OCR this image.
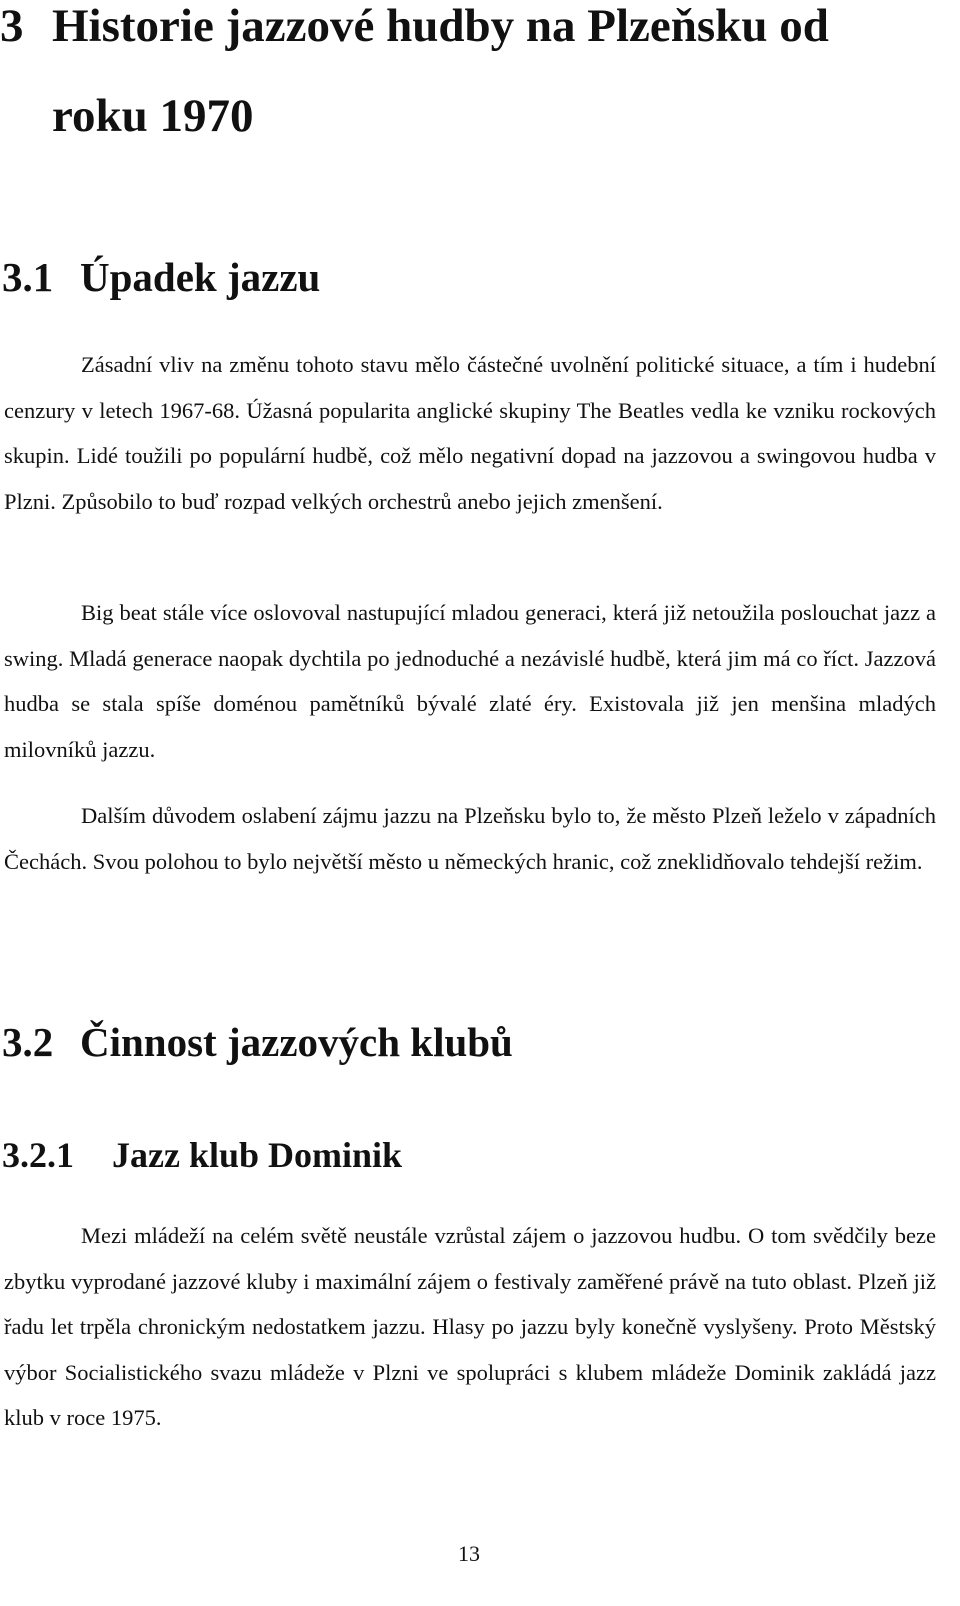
3 Historie jazzové hudby na Plzeňsku od
roku 1970
3.1 Úpadek jazzu

Zásadní vliv na změnu tohoto stavu mělo částečné uvolnění politické situace, a tím i hudební cenzury v letech 1967-68. Úžasná popularita anglické skupiny The Beatles vedla ke vzniku rockových skupin. Lidé toužili po populární hudbě, což mělo negativní dopad na jazzovou a swingovou hudba v Plzni. Způsobilo to buď rozpad velkých orchestrů anebo jejich zmenšení.

Big beat stále více oslovoval nastupující mladou generaci, která již netoužila poslouchat jazz a swing. Mladá generace naopak dychtila po jednoduché a nezávislé hudbě, která jim má co říct. Jazzová hudba se stala spíše doménou pamětníků bývalé zlaté éry. Existovala již jen menšina mladých milovníků jazzu.

Dalším důvodem oslabení zájmu jazzu na Plzeňsku bylo to, že město Plzeň leželo v západních Čechách. Svou polohou to bylo největší město u německých hranic, což zneklidňovalo tehdejší režim.

3.2 Činnost jazzových klubů
3.2.1 Jazz klub Dominik

Mezi mládeží na celém světě neustále vzrůstal zájem o jazzovou hudbu. O tom svědčily beze zbytku vyprodané jazzové kluby i maximální zájem o festivaly zaměřené právě na tuto oblast. Plzeň již řadu let trpěla chronickým nedostatkem jazzu. Hlasy po jazzu byly konečně vyslyšeny. Proto Městský výbor Socialistického svazu mládeže v Plzni ve spolupráci s klubem mládeže Dominik zakládá jazz klub v roce 1975.

13
